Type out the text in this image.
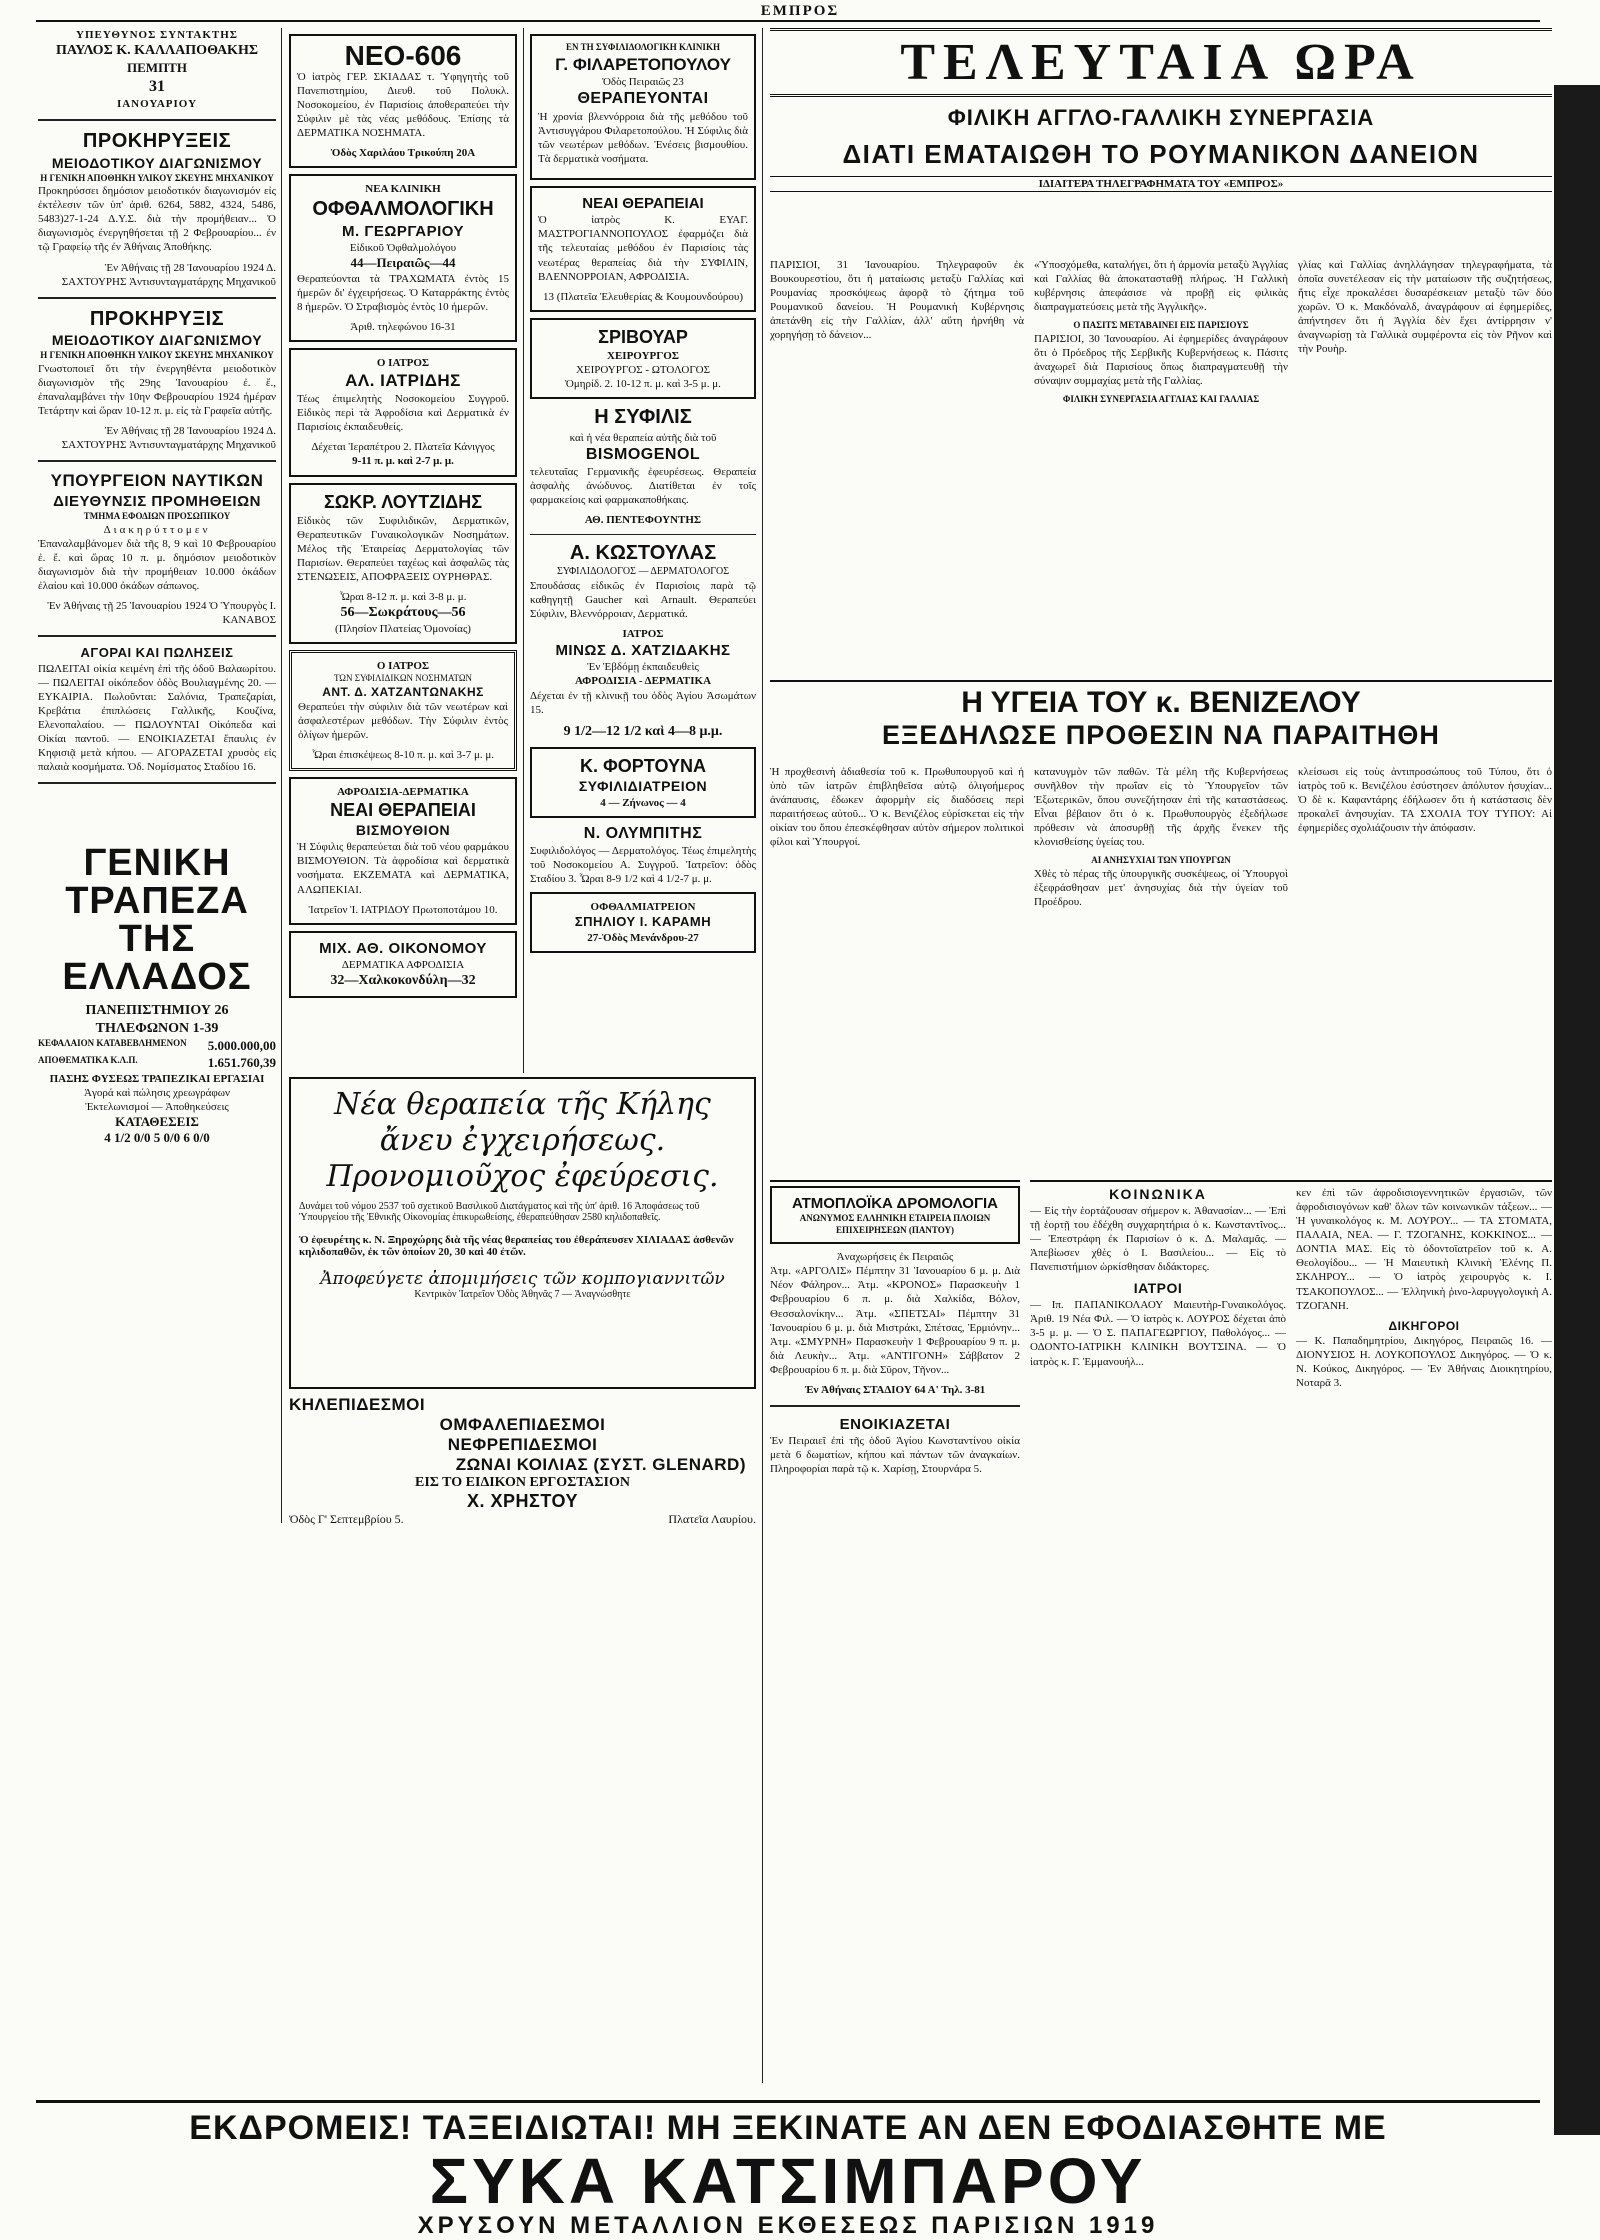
ΕΜΠΡΟΣ
ΥΠΕΥΘΥΝΟΣ ΣΥΝΤΑΚΤΗΣ
ΠΑΥΛΟΣ Κ. ΚΑΛΛΑΠΟΘΑΚΗΣ
ΠΕΜΠΤΗ
31
ΙΑΝΟΥΑΡΙΟΥ
ΠΡΟΚΗΡΥΞΕΙΣ
ΜΕΙΟΔΟΤΙΚΟΥ ΔΙΑΓΩΝΙΣΜΟΥ
Η ΓΕΝΙΚΗ ΑΠΟΘΗΚΗ ΥΛΙΚΟΥ ΣΚΕΥΗΣ ΜΗΧΑΝΙΚΟΥ

Προκηρύσσει δημόσιον μειοδοτικόν διαγωνισμόν εἰς ἐκτέλεσιν τῶν ὑπ' ἀριθ. 6264, 5882, 4324, 5486, 5483)27-1-24 Δ.Υ.Σ. διὰ τὴν προμήθειαν... Ὁ διαγωνισμὸς ἐνεργηθήσεται τῇ 2 Φεβρουαρίου... ἐν τῷ Γραφείῳ τῆς ἐν Ἀθήναις Ἀποθήκης.

Ἐν Ἀθήναις τῇ 28 Ἰανουαρίου 1924 Δ. ΣΑΧΤΟΥΡΗΣ Ἀντισυνταγματάρχης Μηχανικοῦ

ΠΡΟΚΗΡΥΞΙΣ
ΜΕΙΟΔΟΤΙΚΟΥ ΔΙΑΓΩΝΙΣΜΟΥ
Η ΓΕΝΙΚΗ ΑΠΟΘΗΚΗ ΥΛΙΚΟΥ ΣΚΕΥΗΣ ΜΗΧΑΝΙΚΟΥ

Γνωστοποιεῖ ὅτι τὴν ἐνεργηθέντα μειοδοτικὸν διαγωνισμὸν τῆς 29ης Ἰανουαρίου ἐ. ἔ., ἐπαναλαμβάνει τὴν 10ην Φεβρουαρίου 1924 ἡμέραν Τετάρτην καὶ ὥραν 10-12 π. μ. εἰς τὰ Γραφεῖα αὐτῆς.

Ἐν Ἀθήναις τῇ 28 Ἰανουαρίου 1924 Δ. ΣΑΧΤΟΥΡΗΣ Ἀντισυνταγματάρχης Μηχανικοῦ

ΥΠΟΥΡΓΕΙΟΝ ΝΑΥΤΙΚΩΝ
ΔΙΕΥΘΥΝΣΙΣ ΠΡΟΜΗΘΕΙΩΝ
ΤΜΗΜΑ ΕΦΟΔΙΩΝ ΠΡΟΣΩΠΙΚΟΥ
Διακηρύττομεν

Ἐπαναλαμβάνομεν διὰ τῆς 8, 9 καὶ 10 Φεβρουαρίου ἐ. ἔ. καὶ ὥρας 10 π. μ. δημόσιον μειοδοτικὸν διαγωνισμὸν διὰ τὴν προμήθειαν 10.000 ὀκάδων ἐλαίου καὶ 10.000 ὀκάδων σάπωνος.

Ἐν Ἀθήναις τῇ 25 Ἰανουαρίου 1924 Ὁ Ὑπουργὸς Ι. ΚΑΝΑΒΟΣ

ΑΓΟΡΑΙ ΚΑΙ ΠΩΛΗΣΕΙΣ

ΠΩΛΕΙΤΑΙ οἰκία κειμένη ἐπὶ τῆς ὁδοῦ Βαλαωρίτου. — ΠΩΛΕΙΤΑΙ οἰκόπεδον ὁδὸς Βουλιαγμένης 20. — ΕΥΚΑΙΡΙΑ. Πωλοῦνται: Σαλόνια, Τραπεζαρίαι, Κρεβάτια ἐπιπλώσεις Γαλλικῆς, Κουζίνα, Ελενοπαλαίου. — ΠΩΛΟΥΝΤΑΙ Οἰκόπεδα καὶ Οἰκίαι παντοῦ. — ΕΝΟΙΚΙΑΖΕΤΑΙ ἔπαυλις ἐν Κηφισιᾷ μετὰ κήπου. — ΑΓΟΡΑΖΕΤΑΙ χρυσὸς εἰς παλαιὰ κοσμήματα. Ὁδ. Νομίσματος Σταδίου 16.

ΓΕΝΙΚΗ ΤΡΑΠΕΖΑ ΤΗΣ ΕΛΛΑΔΟΣ
ΠΑΝΕΠΙΣΤΗΜΙΟΥ 26
ΤΗΛΕΦΩΝΟΝ 1-39
ΚΕΦΑΛΑΙΟΝ ΚΑΤΑΒΕΒΛΗΜΕΝΟΝ 5.000.000,00
ΑΠΟΘΕΜΑΤΙΚΑ Κ.Λ.Π.	1.651.760,39
ΠΑΣΗΣ ΦΥΣΕΩΣ ΤΡΑΠΕΖΙΚΑΙ ΕΡΓΑΣΙΑΙ
Ἀγορά καὶ πώλησις χρεωγράφων
Ἐκτελωνισμοί — Ἀποθηκεύσεις
ΚΑΤΑΘΕΣΕΙΣ
4 1/2 0/0 5 0/0 6 0/0
ΝΕΟ-606

Ὁ ἰατρὸς ΓΕΡ. ΣΚΙΑΔΑΣ τ. Ὑφηγητὴς τοῦ Πανεπιστημίου, Διευθ. τοῦ Πολυκλ. Νοσοκομείου, ἐν Παρισίοις ἀποθεραπεύει τὴν Σύφιλιν μὲ τὰς νέας μεθόδους. Ἐπίσης τὰ ΔΕΡΜΑΤΙΚΑ ΝΟΣΗΜΑΤΑ.

Ὁδὸς Χαριλάου Τρικούπη 20Α
ΝΕΑ ΚΛΙΝΙΚΗ
ΟΦΘΑΛΜΟΛΟΓΙΚΗ
Μ. ΓΕΩΡΓΑΡΙΟΥ
Εἰδικοῦ Ὀφθαλμολόγου
44—Πειραιῶς—44

Θεραπεύονται τὰ ΤΡΑΧΩΜΑΤΑ ἐντὸς 15 ἡμερῶν δι' ἐγχειρήσεως. Ὁ Καταρράκτης ἐντὸς 8 ἡμερῶν. Ὁ Στραβισμὸς ἐντὸς 10 ἡμερῶν.

Ἀριθ. τηλεφώνου 16-31
Ο ΙΑΤΡΟΣ
ΑΛ. ΙΑΤΡΙΔΗΣ

Τέως ἐπιμελητὴς Νοσοκομείου Συγγροῦ. Εἰδικὸς περὶ τὰ Ἀφροδίσια καὶ Δερματικὰ ἐν Παρισίοις ἐκπαιδευθείς.

Δέχεται Ἰεραπέτρου 2. Πλατεῖα Κάνιγγος
9-11 π. μ. καὶ 2-7 μ. μ.
ΣΩΚΡ. ΛΟΥΤΖΙΔΗΣ

Εἰδικὸς τῶν Συφιλιδικῶν, Δερματικῶν, Θεραπευτικῶν Γυναικολογικῶν Νοσημάτων. Μέλος τῆς Ἑταιρείας Δερματολογίας τῶν Παρισίων. Θεραπεύει ταχέως καὶ ἀσφαλῶς τὰς ΣΤΕΝΩΣΕΙΣ, ΑΠΟΦΡΑΞΕΙΣ ΟΥΡΗΘΡΑΣ.

Ὧραι 8-12 π. μ. καὶ 3-8 μ. μ.
56—Σωκράτους—56
(Πλησίον Πλατείας Ὁμονοίας)
Ο ΙΑΤΡΟΣ
ΤΩΝ ΣΥΦΙΛΙΔΙΚΩΝ ΝΟΣΗΜΑΤΩΝ
ΑΝΤ. Δ. ΧΑΤΖΑΝΤΩΝΑΚΗΣ

Θεραπεύει τὴν σύφιλιν διὰ τῶν νεωτέρων καὶ ἀσφαλεστέρων μεθόδων. Τὴν Σύφιλιν ἐντὸς ὀλίγων ἡμερῶν.

Ὧραι ἐπισκέψεως 8-10 π. μ. καὶ 3-7 μ. μ.
ΑΦΡΟΔΙΣΙΑ-ΔΕΡΜΑΤΙΚΑ
ΝΕΑΙ ΘΕΡΑΠΕΙΑΙ
ΒΙΣΜΟΥΘΙΟΝ

Ἡ Σύφιλις θεραπεύεται διὰ τοῦ νέου φαρμάκου ΒΙΣΜΟΥΘΙΟΝ. Τὰ ἀφροδίσια καὶ δερματικὰ νοσήματα. ΕΚΖΕΜΑΤΑ καὶ ΔΕΡΜΑΤΙΚΑ, ΑΛΩΠΕΚΙΑΙ.

Ἰατρεῖον Ἰ. ΙΑΤΡΙΔΟΥ Πρωτοποτάμου 10.
ΜΙΧ. ΑΘ. ΟΙΚΟΝΟΜΟΥ
ΔΕΡΜΑΤΙΚΑ ΑΦΡΟΔΙΣΙΑ
32—Χαλκοκονδύλη—32
ΕΝ ΤΗ ΣΥΦΙΛΙΔΟΛΟΓΙΚΗ ΚΛΙΝΙΚΗ
Γ. ΦΙΛΑΡΕΤΟΠΟΥΛΟΥ
Ὁδὸς Πειραιῶς 23
ΘΕΡΑΠΕΥΟΝΤΑΙ

Ἡ χρονία βλεννόρροια διὰ τῆς μεθόδου τοῦ Ἀντισυγγάρου Φιλαρετοπούλου. Ἡ Σύφιλις διὰ τῶν νεωτέρων μεθόδων. Ἐνέσεις βισμουθίου. Τὰ δερματικὰ νοσήματα.

ΝΕΑΙ ΘΕΡΑΠΕΙΑΙ

Ὁ ἰατρὸς Κ. ΕΥΑΓ. ΜΑΣΤΡΟΓΙΑΝΝΟΠΟΥΛΟΣ ἐφαρμόζει διὰ τῆς τελευταίας μεθόδου ἐν Παρισίοις τὰς νεωτέρας θεραπείας διὰ τὴν ΣΥΦΙΛΙΝ, ΒΛΕΝΝΟΡΡΟΙΑΝ, ΑΦΡΟΔΙΣΙΑ.

13 (Πλατεῖα Ἐλευθερίας & Κουμουνδούρου)
ΣΡΙΒΟΥΑΡ
ΧΕΙΡΟΥΡΓΟΣ
ΧΕΙΡΟΥΡΓΟΣ - ΩΤΟΛΟΓΟΣ
Ὁμηρίδ. 2. 10-12 π. μ. καὶ 3-5 μ. μ.
Η ΣΥΦΙΛΙΣ
καὶ ἡ νέα θεραπεία αὐτῆς διὰ τοῦ
BISMOGENOL

τελευταῖας Γερμανικῆς ἐφευρέσεως. Θεραπεία ἀσφαλὴς ἀνώδυνος. Διατίθεται ἐν τοῖς φαρμακείοις καὶ φαρμακαποθήκαις.

ΑΘ. ΠΕΝΤΕΦΟΥΝΤΗΣ
Α. ΚΩΣΤΟΥΛΑΣ
ΣΥΦΙΛΙΔΟΛΟΓΟΣ — ΔΕΡΜΑΤΟΛΟΓΟΣ

Σπουδάσας εἰδικῶς ἐν Παρισίοις παρὰ τῷ καθηγητῇ Gaucher καὶ Arnault. Θεραπεύει Σύφιλιν, Βλεννόρροιαν, Δερματικά.

ΙΑΤΡΟΣ
ΜΙΝΩΣ Δ. ΧΑΤΖΙΔΑΚΗΣ
Ἐν Ἐβδόμῃ ἐκπαιδευθεὶς
ΑΦΡΟΔΙΣΙΑ - ΔΕΡΜΑΤΙΚΑ

Δέχεται ἐν τῇ κλινικῇ του ὁδὸς Ἁγίου Ἀσωμάτων 15.

9 1/2—12 1/2 καὶ 4—8 μ.μ.
Κ. ΦΟΡΤΟΥΝΑ
ΣΥΦΙΛΙΔΙΑΤΡΕΙΟΝ
4 — Ζήνωνος — 4
Ν. ΟΛΥΜΠΙΤΗΣ

Συφιλιδολόγος — Δερματολόγος. Τέως ἐπιμελητὴς τοῦ Νοσοκομείου Α. Συγγροῦ. Ἰατρεῖον: ὁδὸς Σταδίου 3. Ὧραι 8-9 1/2 καὶ 4 1/2-7 μ. μ.

ΟΦΘΑΛΜΙΑΤΡΕΙΟΝ
ΣΠΗΛΙΟΥ Ι. ΚΑΡΑΜΗ
27-Ὁδὸς Μενάνδρου-27
Νέα θεραπεία τῆς Κήλης
ἄνευ ἐγχειρήσεως.
Προνομιοῦχος ἐφεύρεσις.

Δυνάμει τοῦ νόμου 2537 τοῦ σχετικοῦ Βασιλικοῦ Διατάγματος καὶ τῆς ὑπ' ἀριθ. 16 Ἀποφάσεως τοῦ Ὑπουργείου τῆς Ἐθνικῆς Οἰκονομίας ἐπικυρωθείσης, ἐθεραπεύθησαν 2580 κηλιδοπαθεῖς.

Ὁ ἐφευρέτης κ. Ν. Ξηροχώρης διὰ τῆς νέας θεραπείας του ἐθεράπευσεν ΧΙΛΙΑΔΑΣ ἀσθενῶν κηλιδοπαθῶν, ἐκ τῶν ὁποίων 20, 30 καὶ 40 ἐτῶν.

Ἀποφεύγετε ἀπομιμήσεις τῶν κομπογιαννιτῶν
Κεντρικὸν Ἰατρεῖον Ὁδὸς Ἀθηνᾶς 7 — Ἀναγνώσθητε
ΚΗΛΕΠΙΔΕΣΜΟΙ
ΟΜΦΑΛΕΠΙΔΕΣΜΟΙ
ΝΕΦΡΕΠΙΔΕΣΜΟΙ
ΖΩΝΑΙ ΚΟΙΛΙΑΣ (ΣΥΣΤ. GLENARD)
ΕΙΣ ΤΟ ΕΙΔΙΚΟΝ ΕΡΓΟΣΤΑΣΙΟΝ
Χ. ΧΡΗΣΤΟΥ
Ὁδὸς Γ' Σεπτεμβρίου 5.	Πλατεῖα Λαυρίου.
ΤΕΛΕΥΤΑΙΑ ΩΡΑ
ΦΙΛΙΚΗ ΑΓΓΛΟ-ΓΑΛΛΙΚΗ ΣΥΝΕΡΓΑΣΙΑ
ΔΙΑΤΙ ΕΜΑΤΑΙΩΘΗ ΤΟ ΡΟΥΜΑΝΙΚΟΝ ΔΑΝΕΙΟΝ
ΙΔΙΑΙΤΕΡΑ ΤΗΛΕΓΡΑΦΗΜΑΤΑ ΤΟΥ «ΕΜΠΡΟΣ»

ΠΑΡΙΣΙΟΙ, 31 Ἰανουαρίου. Τηλεγραφοῦν ἐκ Βουκουρεστίου, ὅτι ἡ ματαίωσις μεταξὺ Γαλλίας καὶ Ρουμανίας προσκόψεως ἀφορᾷ τὸ ζήτημα τοῦ Ρουμανικοῦ δανείου. Ἡ Ρουμανικὴ Κυβέρνησις ἀπετάνθη εἰς τὴν Γαλλίαν, ἀλλ' αὕτη ἠρνήθη νὰ χορηγήσῃ τὸ δάνειον...

«Ὑποσχόμεθα, καταλήγει, ὅτι ἡ ἀρμονία μεταξὺ Ἀγγλίας καὶ Γαλλίας θὰ ἀποκατασταθῇ πλήρως. Ἡ Γαλλικὴ κυβέρνησις ἀπεφάσισε νὰ προβῇ εἰς φιλικὰς διαπραγματεύσεις μετὰ τῆς Ἀγγλικῆς».

Ο ΠΑΣΙΤΣ ΜΕΤΑΒΑΙΝΕΙ ΕΙΣ ΠΑΡΙΣΙΟΥΣ

ΠΑΡΙΣΙΟΙ, 30 Ἰανουαρίου. Αἱ ἐφημερίδες ἀναγράφουν ὅτι ὁ Πρόεδρος τῆς Σερβικῆς Κυβερνήσεως κ. Πάσιτς ἀναχωρεῖ διὰ Παρισίους ὅπως διαπραγματευθῇ τὴν σύναψιν συμμαχίας μετὰ τῆς Γαλλίας.

ΦΙΛΙΚΗ ΣΥΝΕΡΓΑΣΙΑ ΑΓΓΛΙΑΣ ΚΑΙ ΓΑΛΛΙΑΣ

γλίας καὶ Γαλλίας ἀνηλλάγησαν τηλεγραφήματα, τὰ ὁποῖα συνετέλεσαν εἰς τὴν ματαίωσιν τῆς συζητήσεως, ἥτις εἶχε προκαλέσει δυσαρέσκειαν μεταξὺ τῶν δύο χωρῶν. Ὁ κ. Μακδόναλδ, ἀναγράφουν αἱ ἐφημερίδες, ἀπήντησεν ὅτι ἡ Ἀγγλία δὲν ἔχει ἀντίρρησιν ν' ἀναγνωρίσῃ τὰ Γαλλικὰ συμφέροντα εἰς τὸν Ρῆνον καὶ τὴν Ρουὴρ.

Η ΥΓΕΙΑ ΤΟΥ κ. ΒΕΝΙΖΕΛΟΥ
ΕΞΕΔΗΛΩΣΕ ΠΡΟΘΕΣΙΝ ΝΑ ΠΑΡΑΙΤΗΘΗ

Ἡ προχθεσινὴ ἀδιαθεσία τοῦ κ. Πρωθυπουργοῦ καὶ ἡ ὑπὸ τῶν ἰατρῶν ἐπιβληθεῖσα αὐτῷ ὀλιγοήμερος ἀνάπαυσις, ἐδωκεν ἀφορμὴν εἰς διαδόσεις περὶ παραιτήσεως αὐτοῦ... Ὁ κ. Βενιζέλος εὑρίσκεται εἰς τὴν οἰκίαν του ὅπου ἐπεσκέφθησαν αὐτὸν σήμερον πολιτικοὶ φίλοι καὶ Ὑπουργοί.

κατανυγμὸν τῶν παθῶν. Τὰ μέλη τῆς Κυβερνήσεως συνῆλθον τὴν πρωΐαν εἰς τὸ Ὑπουργεῖον τῶν Ἐξωτερικῶν, ὅπου συνεζήτησαν ἐπὶ τῆς καταστάσεως. Εἶναι βέβαιον ὅτι ὁ κ. Πρωθυπουργὸς ἐξεδήλωσε πρόθεσιν νὰ ἀποσυρθῇ τῆς ἀρχῆς ἕνεκεν τῆς κλονισθείσης ὑγείας του.

ΑΙ ΑΝΗΣΥΧΙΑΙ ΤΩΝ ΥΠΟΥΡΓΩΝ

Χθὲς τὸ πέρας τῆς ὑπουργικῆς συσκέψεως, οἱ Ὑπουργοὶ ἐξεφράσθησαν μετ' ἀνησυχίας διὰ τὴν ὑγείαν τοῦ Προέδρου.

κλείσωσι εἰς τοὺς ἀντιπροσώπους τοῦ Τύπου, ὅτι ὁ ἰατρὸς τοῦ κ. Βενιζέλου ἐσύστησεν ἀπόλυτον ἡσυχίαν... Ὁ δὲ κ. Καφαντάρης ἐδήλωσεν ὅτι ἡ κατάστασις δὲν προκαλεῖ ἀνησυχίαν. ΤΑ ΣΧΟΛΙΑ ΤΟΥ ΤΥΠΟΥ: Αἱ ἐφημερίδες σχολιάζουσιν τὴν ἀπόφασιν.

ΑΤΜΟΠΛΟΪΚΑ ΔΡΟΜΟΛΟΓΙΑ
ΑΝΩΝΥΜΟΣ ΕΛΛΗΝΙΚΗ ΕΤΑΙΡΕΙΑ ΠΛΟΙΩΝ ΕΠΙΧΕΙΡΗΣΕΩΝ (ΠΑΝΤΟΥ)
Ἀναχωρήσεις ἐκ Πειραιῶς

Ἀτμ. «ΑΡΓΟΛΙΣ» Πέμπτην 31 Ἰανουαρίου 6 μ. μ. Διὰ Νέον Φάληρον... Ἀτμ. «ΚΡΟΝΟΣ» Παρασκευὴν 1 Φεβρουαρίου 6 π. μ. διὰ Χαλκίδα, Βόλον, Θεσσαλονίκην... Ἀτμ. «ΣΠΕΤΣΑΙ» Πέμπτην 31 Ἰανουαρίου 6 μ. μ. διὰ Μιστράκι, Σπέτσας, Ἑρμιόνην... Ἀτμ. «ΣΜΥΡΝΗ» Παρασκευὴν 1 Φεβρουαρίου 9 π. μ. διὰ Λευκὴν... Ἀτμ. «ΑΝΤΙΓΟΝΗ» Σάββατον 2 Φεβρουαρίου 6 π. μ. διὰ Σῦρον, Τῆνον...

Ἐν Ἀθήναις ΣΤΑΔΙΟΥ 64 Α' Τηλ. 3-81
ΕΝΟΙΚΙΑΖΕΤΑΙ

Ἐν Πειραιεῖ ἐπὶ τῆς ὁδοῦ Ἀγίου Κωνσταντίνου οἰκία μετὰ 6 δωματίων, κήπου καὶ πάντων τῶν ἀναγκαίων. Πληροφορίαι παρὰ τῷ κ. Χαρίσῃ, Στουρνάρα 5.

ΚΟΙΝΩΝΙΚΑ

— Εἰς τὴν ἑορτάζουσαν σήμερον κ. Ἀθανασίαν... — Ἐπὶ τῇ ἑορτῇ του ἐδέχθη συγχαρητήρια ὁ κ. Κωνσταντῖνος... — Ἐπεστράφη ἐκ Παρισίων ὁ κ. Δ. Μαλαμᾶς. — Ἀπεβίωσεν χθὲς ὁ Ι. Βασιλείου... — Εἰς τὸ Πανεπιστήμιον ὡρκίσθησαν διδάκτορες.

ΙΑΤΡΟΙ

— Ιπ. ΠΑΠΑΝΙΚΟΛΑΟΥ Μαιευτὴρ-Γυναικολόγος. Ἀριθ. 19 Νέα Φιλ. — Ὁ ἰατρὸς κ. ΛΟΥΡΟΣ δέχεται ἀπὸ 3-5 μ. μ. — Ὁ Σ. ΠΑΠΑΓΕΩΡΓΙΟΥ, Παθολόγος... — ΟΔΟΝΤΟ-ΙΑΤΡΙΚΗ ΚΛΙΝΙΚΗ ΒΟΥΤΣΙΝΑ. — Ὁ ἰατρὸς κ. Γ. Ἐμμανουήλ...

κεν ἐπὶ τῶν ἀφροδισιογεννητικῶν ἐργασιῶν, τῶν ἀφροδισιογόνων καθ' ὅλων τῶν κοινωνικῶν τάξεων... — Ἡ γυναικολόγος κ. Μ. ΛΟΥΡΟΥ... — ΤΑ ΣΤΟΜΑΤΑ, ΠΑΛΑΙΑ, ΝΕΑ. — Γ. ΤΖΟΓΑΝΗΣ, ΚΟΚΚΙΝΟΣ... — ΔΟΝΤΙΑ ΜΑΣ. Εἰς τὸ ὀδοντοϊατρεῖον τοῦ κ. Α. Θεολογίδου... — Ἡ Μαιευτικὴ Κλινικὴ Ἑλένης Π. ΣΚΛΗΡΟΥ... — Ὁ ἰατρὸς χειρουργὸς κ. Ι. ΤΣΑΚΟΠΟΥΛΟΣ... — Ἑλληνικὴ ῥινο-λαρυγγολογικὴ Α. ΤΖΟΓΑΝΗ.

ΔΙΚΗΓΟΡΟΙ

— Κ. Παπαδημητρίου, Δικηγόρος, Πειραιῶς 16. — ΔΙΟΝΥΣΙΟΣ Η. ΛΟΥΚΟΠΟΥΛΟΣ Δικηγόρος. — Ὁ κ. Ν. Κούκος, Δικηγόρος. — Ἐν Ἀθήναις Διοικητηρίου, Νοταρᾶ 3.

ΕΚΔΡΟΜΕΙΣ! ΤΑΞΕΙΔΙΩΤΑΙ! ΜΗ ΞΕΚΙΝΑΤΕ ΑΝ ΔΕΝ ΕΦΟΔΙΑΣΘΗΤΕ ΜΕ
ΣΥΚΑ ΚΑΤΣΙΜΠΑΡΟΥ
ΧΡΥΣΟΥΝ ΜΕΤΑΛΛΙΟΝ ΕΚΘΕΣΕΩΣ ΠΑΡΙΣΙΩΝ 1919
